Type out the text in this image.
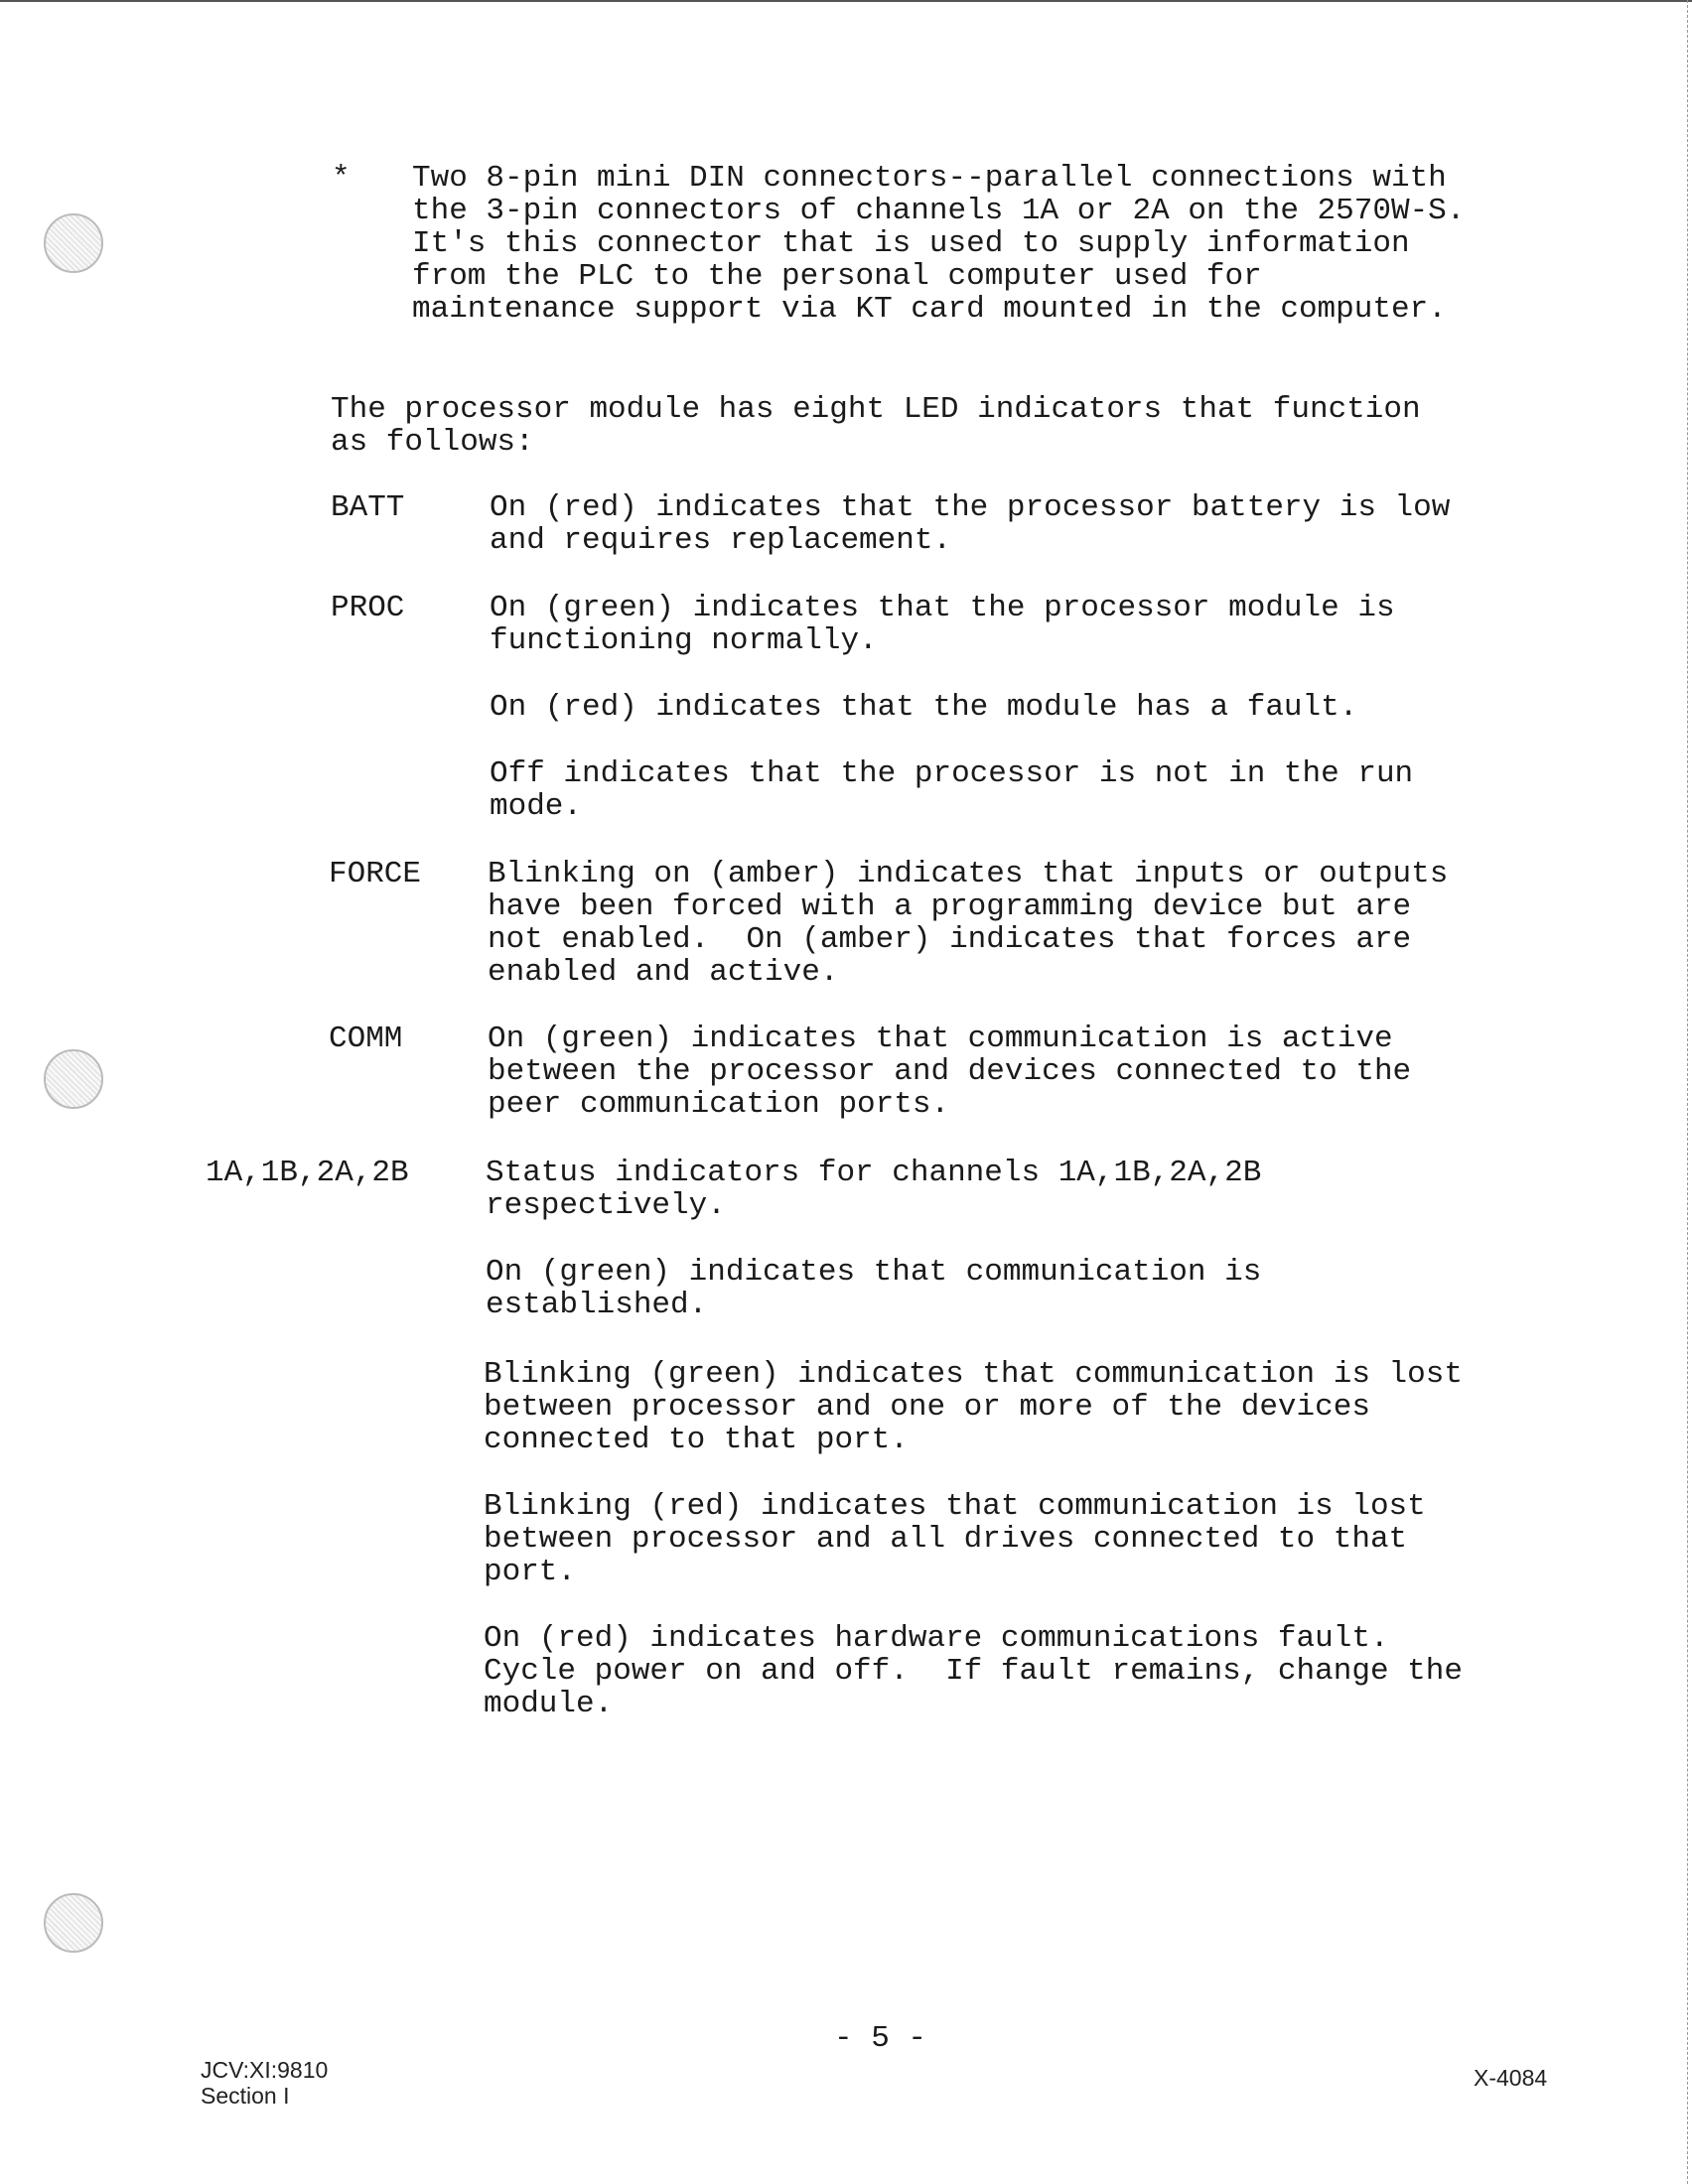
* Two 8-pin mini DIN connectors--parallel connections with
the 3-pin connectors of channels 1A or 2A on the 2570W-S.
It's this connector that is used to supply information
from the PLC to the personal computer used for
maintenance support via KT card mounted in the computer.
The processor module has eight LED indicators that function
as follows:
BATT	On (red) indicates that the processor battery is low
and requires replacement.
PROC	On (green) indicates that the processor module is
functioning normally.
On (red) indicates that the module has a fault.
Off indicates that the processor is not in the run
mode.
FORCE Blinking on (amber) indicates that inputs or outputs
have been forced with a programming device but are
not enabled.  On (amber) indicates that forces are
enabled and active.
COMM	On (green) indicates that communication is active
between the processor and devices connected to the
peer communication ports.
1A,1B,2A,2B Status indicators for channels 1A,1B,2A,2B
respectively.
On (green) indicates that communication is
established.
Blinking (green) indicates that communication is lost
between processor and one or more of the devices
connected to that port.
Blinking (red) indicates that communication is lost
between processor and all drives connected to that
port.
On (red) indicates hardware communications fault.
Cycle power on and off.  If fault remains, change the
module.
- 5 -
JCV:XI:9810
Section I
X-4084
